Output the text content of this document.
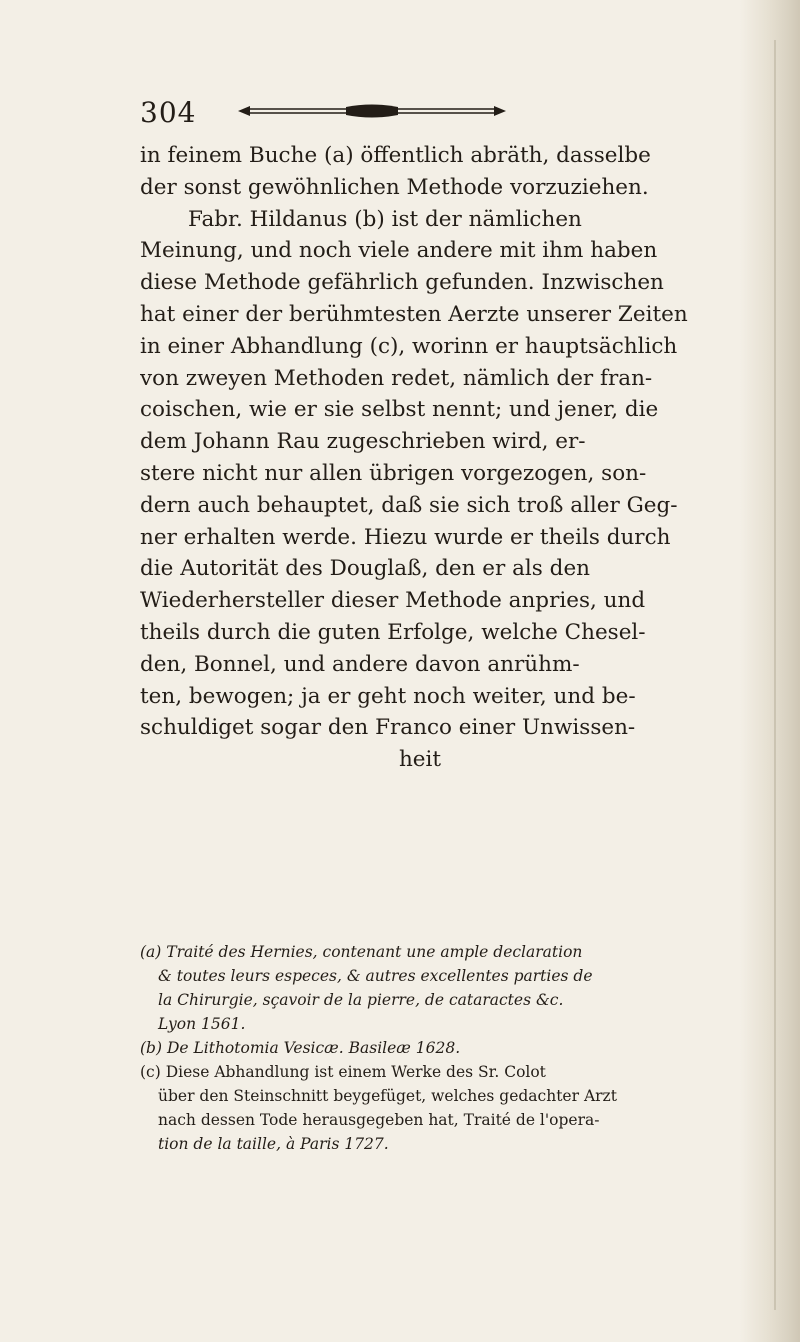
304
in feinem Buche (a) öffentlich abräth, dasselbe
der sonst gewöhnlichen Methode vorzuziehen.
Fabr. Hildanus (b) ist der nämlichen
Meinung, und noch viele andere mit ihm haben
diese Methode gefährlich gefunden. Inzwischen
hat einer der berühmtesten Aerzte unserer Zeiten
in einer Abhandlung (c), worinn er hauptsächlich
von zweyen Methoden redet, nämlich der fran-
coischen, wie er sie selbst nennt; und jener, die
dem Johann Rau zugeschrieben wird, er-
stere nicht nur allen übrigen vorgezogen, son-
dern auch behauptet, daß sie sich troß aller Geg-
ner erhalten werde. Hiezu wurde er theils durch
die Autorität des Douglaß, den er als den
Wiederhersteller dieser Methode anpries, und
theils durch die guten Erfolge, welche Chesel-
den, Bonnel, und andere davon anrühm-
ten, bewogen; ja er geht noch weiter, und be-
schuldiget sogar den Franco einer Unwissen-
heit
(a) Traité des Hernies, contenant une ample declaration
& toutes leurs especes, & autres excellentes parties de
la Chirurgie, sçavoir de la pierre, de cataractes &c.
Lyon 1561.
(b) De Lithotomia Vesicæ. Basileæ 1628.
(c) Diese Abhandlung ist einem Werke des Sr. Colot
über den Steinschnitt beygefüget, welches gedachter Arzt
nach dessen Tode herausgegeben hat, Traité de l'opera-
tion de la taille, à Paris 1727.
